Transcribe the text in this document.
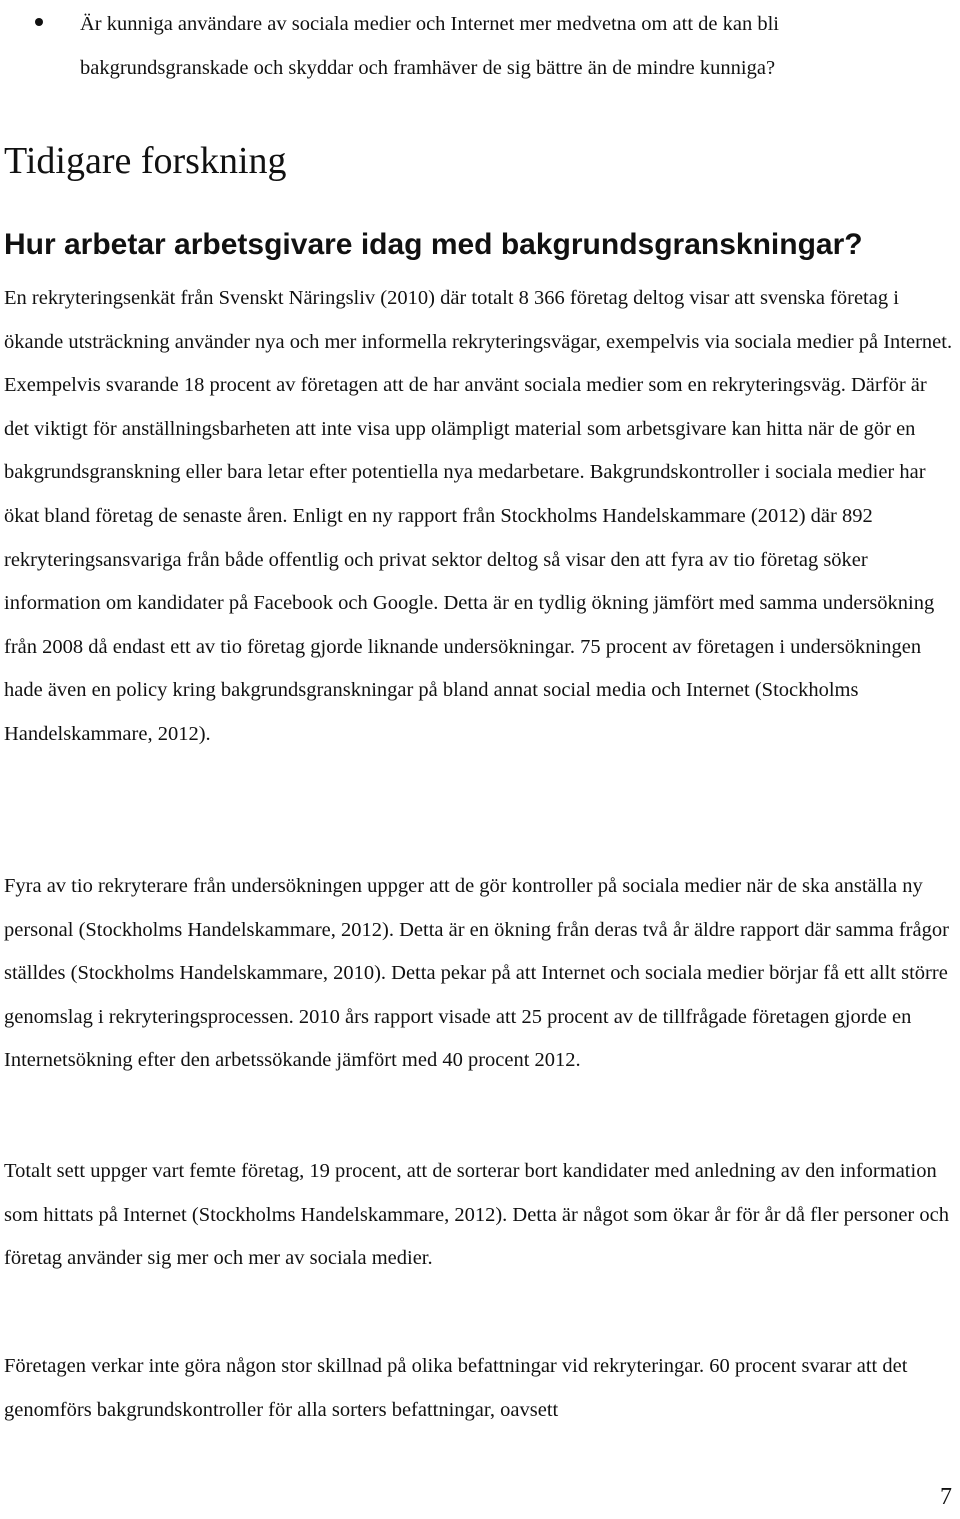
Är kunniga användare av sociala medier och Internet mer medvetna om att de kan bli bakgrundsgranskade och skyddar och framhäver de sig bättre än de mindre kunniga?

Tidigare forskning
Hur arbetar arbetsgivare idag med bakgrundsgranskningar?

En rekryteringsenkät från Svenskt Näringsliv (2010) där totalt 8 366 företag deltog visar att svenska företag i ökande utsträckning använder nya och mer informella rekryteringsvägar, exempelvis via sociala medier på Internet. Exempelvis svarande 18 procent av företagen att de har använt sociala medier som en rekryteringsväg. Därför är det viktigt för anställningsbarheten att inte visa upp olämpligt material som arbetsgivare kan hitta när de gör en bakgrundsgranskning eller bara letar efter potentiella nya medarbetare. Bakgrundskontroller i sociala medier har ökat bland företag de senaste åren. Enligt en ny rapport från Stockholms Handelskammare (2012) där 892 rekryteringsansvariga från både offentlig och privat sektor deltog så visar den att fyra av tio företag söker information om kandidater på Facebook och Google. Detta är en tydlig ökning jämfört med samma undersökning från 2008 då endast ett av tio företag gjorde liknande undersökningar. 75 procent av företagen i undersökningen hade även en policy kring bakgrundsgranskningar på bland annat social media och Internet (Stockholms Handelskammare, 2012).

Fyra av tio rekryterare från undersökningen uppger att de gör kontroller på sociala medier när de ska anställa ny personal (Stockholms Handelskammare, 2012). Detta är en ökning från deras två år äldre rapport där samma frågor ställdes (Stockholms Handelskammare, 2010). Detta pekar på att Internet och sociala medier börjar få ett allt större genomslag i rekryteringsprocessen. 2010 års rapport visade att 25 procent av de tillfrågade företagen gjorde en Internetsökning efter den arbetssökande jämfört med 40 procent 2012.

Totalt sett uppger vart femte företag, 19 procent, att de sorterar bort kandidater med anledning av den information som hittats på Internet (Stockholms Handelskammare, 2012). Detta är något som ökar år för år då fler personer och företag använder sig mer och mer av sociala medier.

Företagen verkar inte göra någon stor skillnad på olika befattningar vid rekryteringar. 60 procent svarar att det genomförs bakgrundskontroller för alla sorters befattningar, oavsett

7
